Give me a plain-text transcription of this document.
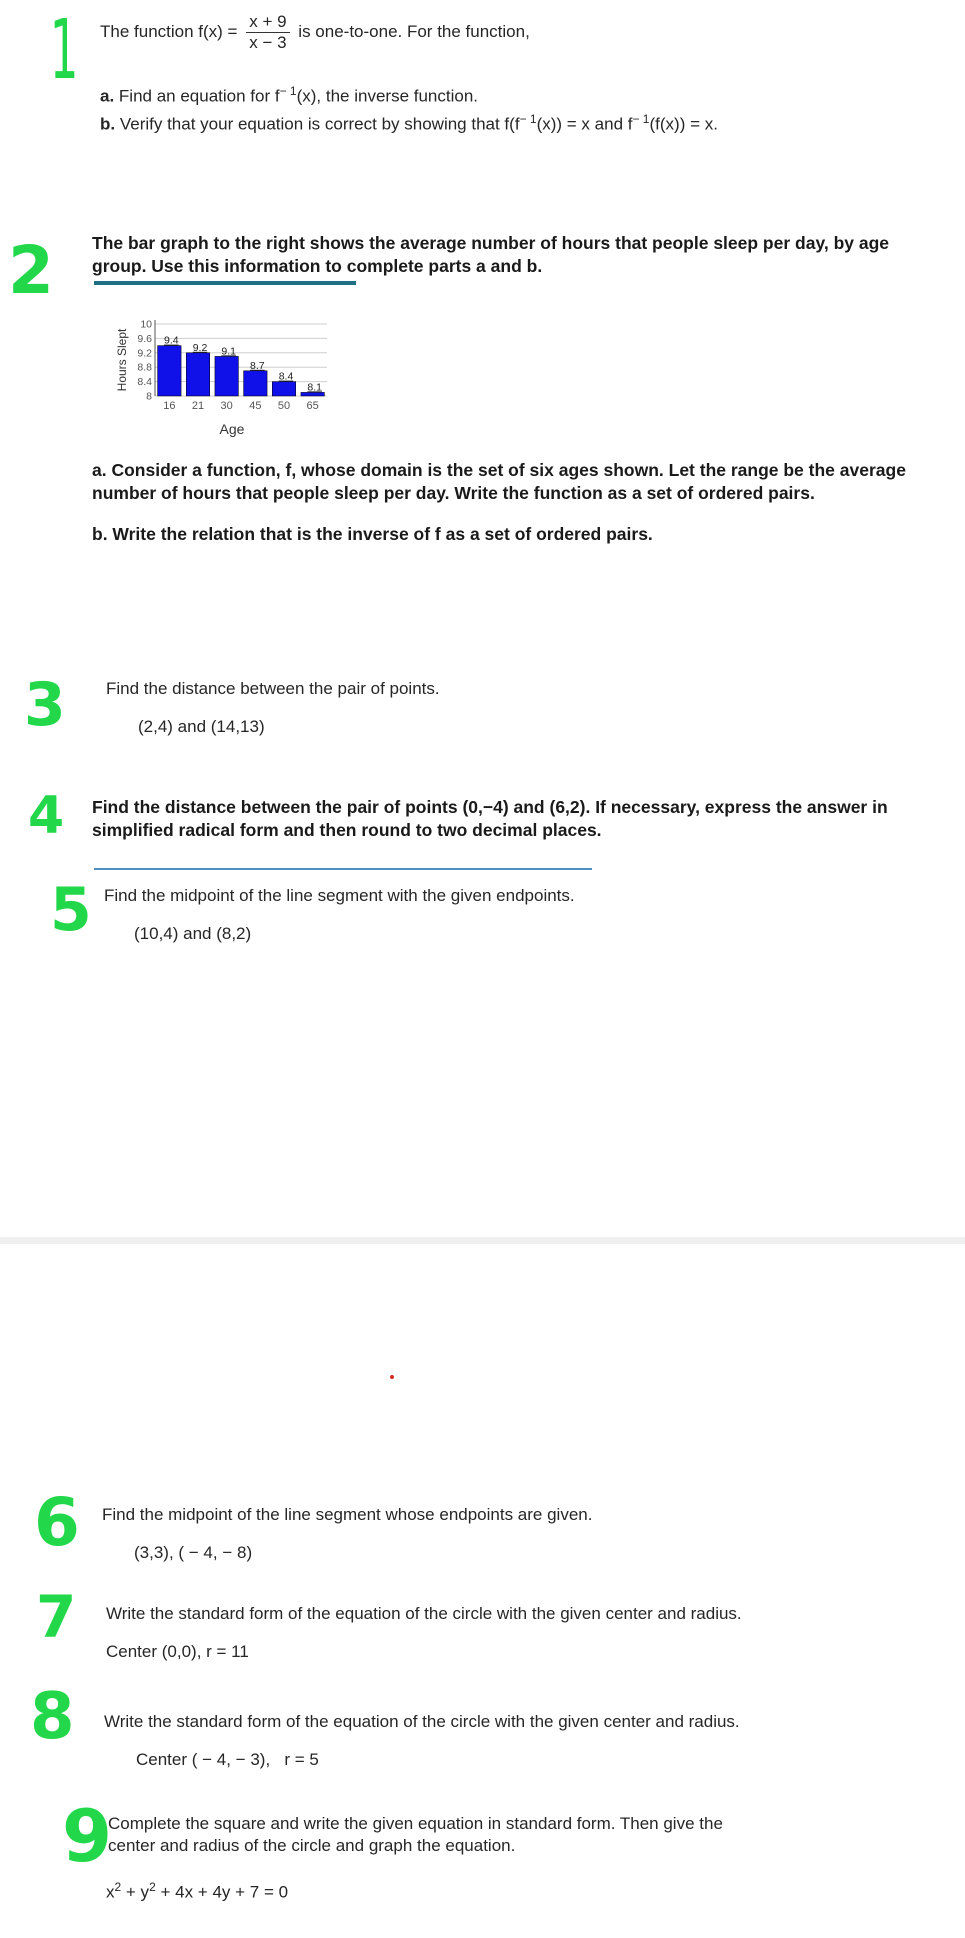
1
2
3
4
5
6
7
8
9
The function $f(x) = \frac{x + 9}{x - 3}$ is one-to-one. For the function,
a. Find an equation for $f^{- 1}(x)$, the inverse function.
b. Verify that your equation is correct by showing that $f(f^{- 1}(x)) = x$ and $f^{- 1}(f(x)) = x$.
The bar graph to the right shows the average number of hours that people sleep per day, by age group. Use this information to complete parts a and b.
10
9.6
9.2
8.8
8.4
8
16 21 30 45 50 65
9.4
9.2 9.1
8.7
8.4
8.1
Hours Slept
Age
a. Consider a function, f, whose domain is the set of six ages shown. Let the range be the average number of hours that people sleep per day. Write the function as a set of ordered pairs.
b. Write the relation that is the inverse of f as a set of ordered pairs.
Find the distance between the pair of points.
(2,4) and (14,13)
Find the distance between the pair of points (0,−4) and (6,2). If necessary, express the answer in simplified radical form and then round to two decimal places.
Find the midpoint of the line segment with the given endpoints.
(10,4) and (8,2)
Find the midpoint of the line segment whose endpoints are given.
(3,3), ( − 4, − 8)
Write the standard form of the equation of the circle with the given center and radius.
Center (0,0), r = 11
Write the standard form of the equation of the circle with the given center and radius.
Center ( − 4, − 3), r = 5
Complete the square and write the given equation in standard form. Then give the center and radius of the circle and graph the equation.
$x^2 + y^2 + 4x + 4y + 7 = 0$
